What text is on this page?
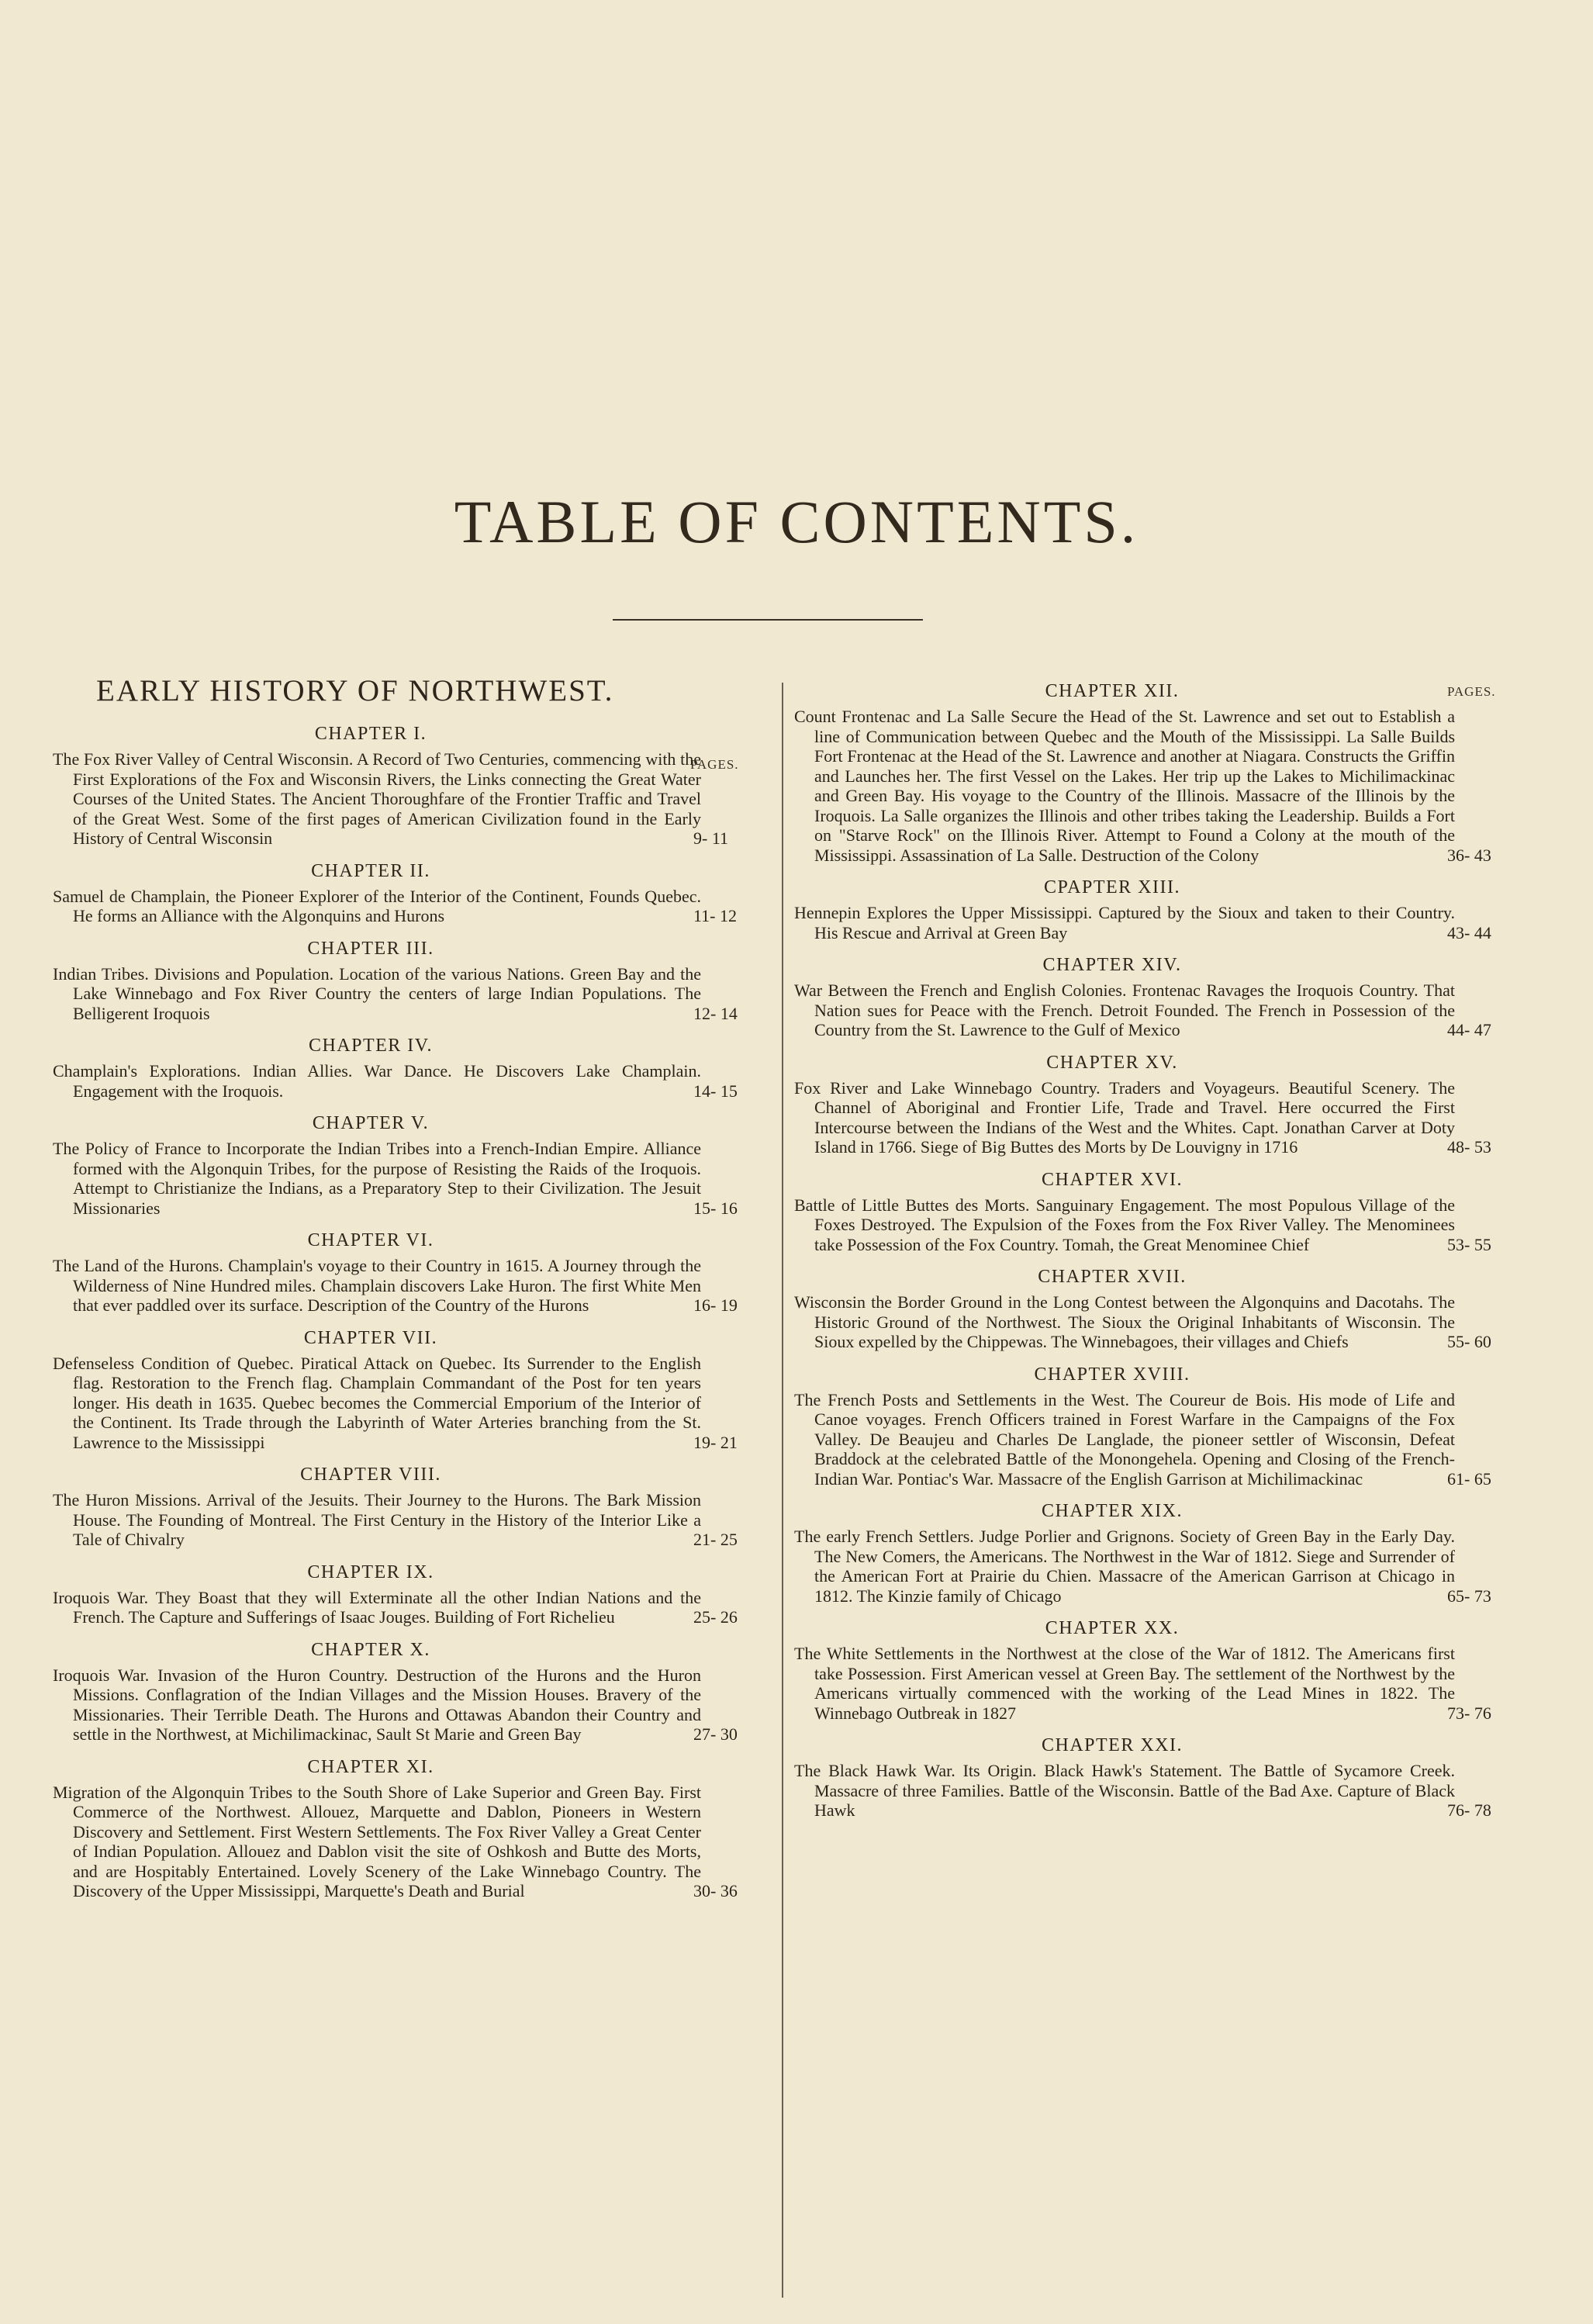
TABLE OF CONTENTS.
EARLY HISTORY OF NORTHWEST.
PAGES.
CHAPTER I.

The Fox River Valley of Central Wisconsin. A Record of Two Centuries, commencing with the First Explorations of the Fox and Wisconsin Rivers, the Links connecting the Great Water Courses of the United States. The Ancient Thoroughfare of the Frontier Traffic and Travel of the Great West. Some of the first pages of American Civilization found in the Early History of Central Wisconsin	9- 11
CHAPTER II.

Samuel de Champlain, the Pioneer Explorer of the Interior of the Continent, Founds Quebec. He forms an Alliance with the Algonquins and Hurons	11- 12
CHAPTER III.

Indian Tribes. Divisions and Population. Location of the various Nations. Green Bay and the Lake Winnebago and Fox River Country the centers of large Indian Populations. The Belligerent Iroquois	12- 14
CHAPTER IV.

Champlain's Explorations. Indian Allies. War Dance. He Discovers Lake Champlain. Engagement with the Iroquois.	14- 15
CHAPTER V.

The Policy of France to Incorporate the Indian Tribes into a French-Indian Empire. Alliance formed with the Algonquin Tribes, for the purpose of Resisting the Raids of the Iroquois. Attempt to Christianize the Indians, as a Preparatory Step to their Civilization. The Jesuit Missionaries	15- 16
CHAPTER VI.

The Land of the Hurons. Champlain's voyage to their Country in 1615. A Journey through the Wilderness of Nine Hundred miles. Champlain discovers Lake Huron. The first White Men that ever paddled over its surface. Description of the Country of the Hurons	16- 19
CHAPTER VII.

Defenseless Condition of Quebec. Piratical Attack on Quebec. Its Surrender to the English flag. Restoration to the French flag. Champlain Commandant of the Post for ten years longer. His death in 1635. Quebec becomes the Commercial Emporium of the Interior of the Continent. Its Trade through the Labyrinth of Water Arteries branching from the St. Lawrence to the Mississippi	19- 21
CHAPTER VIII.

The Huron Missions. Arrival of the Jesuits. Their Journey to the Hurons. The Bark Mission House. The Founding of Montreal. The First Century in the History of the Interior Like a Tale of Chivalry	21- 25
CHAPTER IX.

Iroquois War. They Boast that they will Exterminate all the other Indian Nations and the French. The Capture and Sufferings of Isaac Jouges. Building of Fort Richelieu	25- 26
CHAPTER X.

Iroquois War. Invasion of the Huron Country. Destruction of the Hurons and the Huron Missions. Conflagration of the Indian Villages and the Mission Houses. Bravery of the Missionaries. Their Terrible Death. The Hurons and Ottawas Abandon their Country and settle in the Northwest, at Michilimackinac, Sault St Marie and Green Bay	27- 30
CHAPTER XI.

Migration of the Algonquin Tribes to the South Shore of Lake Superior and Green Bay. First Commerce of the Northwest. Allouez, Marquette and Dablon, Pioneers in Western Discovery and Settlement. First Western Settlements. The Fox River Valley a Great Center of Indian Population. Allouez and Dablon visit the site of Oshkosh and Butte des Morts, and are Hospitably Entertained. Lovely Scenery of the Lake Winnebago Country. The Discovery of the Upper Mississippi, Marquette's Death and Burial	30- 36
PAGES.
CHAPTER XII.

Count Frontenac and La Salle Secure the Head of the St. Lawrence and set out to Establish a line of Communication between Quebec and the Mouth of the Mississippi. La Salle Builds Fort Frontenac at the Head of the St. Lawrence and another at Niagara. Constructs the Griffin and Launches her. The first Vessel on the Lakes. Her trip up the Lakes to Michilimackinac and Green Bay. His voyage to the Country of the Illinois. Massacre of the Illinois by the Iroquois. La Salle organizes the Illinois and other tribes taking the Leadership. Builds a Fort on "Starve Rock" on the Illinois River. Attempt to Found a Colony at the mouth of the Mississippi. Assassination of La Salle. Destruction of the Colony	36- 43
CPAPTER XIII.

Hennepin Explores the Upper Mississippi. Captured by the Sioux and taken to their Country. His Rescue and Arrival at Green Bay	43- 44
CHAPTER XIV.

War Between the French and English Colonies. Frontenac Ravages the Iroquois Country. That Nation sues for Peace with the French. Detroit Founded. The French in Possession of the Country from the St. Lawrence to the Gulf of Mexico	44- 47
CHAPTER XV.

Fox River and Lake Winnebago Country. Traders and Voyageurs. Beautiful Scenery. The Channel of Aboriginal and Frontier Life, Trade and Travel. Here occurred the First Intercourse between the Indians of the West and the Whites. Capt. Jonathan Carver at Doty Island in 1766. Siege of Big Buttes des Morts by De Louvigny in 1716	48- 53
CHAPTER XVI.

Battle of Little Buttes des Morts. Sanguinary Engagement. The most Populous Village of the Foxes Destroyed. The Expulsion of the Foxes from the Fox River Valley. The Menominees take Possession of the Fox Country. Tomah, the Great Menominee Chief	53- 55
CHAPTER XVII.

Wisconsin the Border Ground in the Long Contest between the Algonquins and Dacotahs. The Historic Ground of the Northwest. The Sioux the Original Inhabitants of Wisconsin. The Sioux expelled by the Chippewas. The Winnebagoes, their villages and Chiefs	55- 60
CHAPTER XVIII.

The French Posts and Settlements in the West. The Coureur de Bois. His mode of Life and Canoe voyages. French Officers trained in Forest Warfare in the Campaigns of the Fox Valley. De Beaujeu and Charles De Langlade, the pioneer settler of Wisconsin, Defeat Braddock at the celebrated Battle of the Monongehela. Opening and Closing of the French-Indian War. Pontiac's War. Massacre of the English Garrison at Michilimackinac	61- 65
CHAPTER XIX.

The early French Settlers. Judge Porlier and Grignons. Society of Green Bay in the Early Day. The New Comers, the Americans. The Northwest in the War of 1812. Siege and Surrender of the American Fort at Prairie du Chien. Massacre of the American Garrison at Chicago in 1812. The Kinzie family of Chicago	65- 73
CHAPTER XX.

The White Settlements in the Northwest at the close of the War of 1812. The Americans first take Possession. First American vessel at Green Bay. The settlement of the Northwest by the Americans virtually commenced with the working of the Lead Mines in 1822. The Winnebago Outbreak in 1827	73- 76
CHAPTER XXI.

The Black Hawk War. Its Origin. Black Hawk's Statement. The Battle of Sycamore Creek. Massacre of three Families. Battle of the Wisconsin. Battle of the Bad Axe. Capture of Black Hawk	76- 78
